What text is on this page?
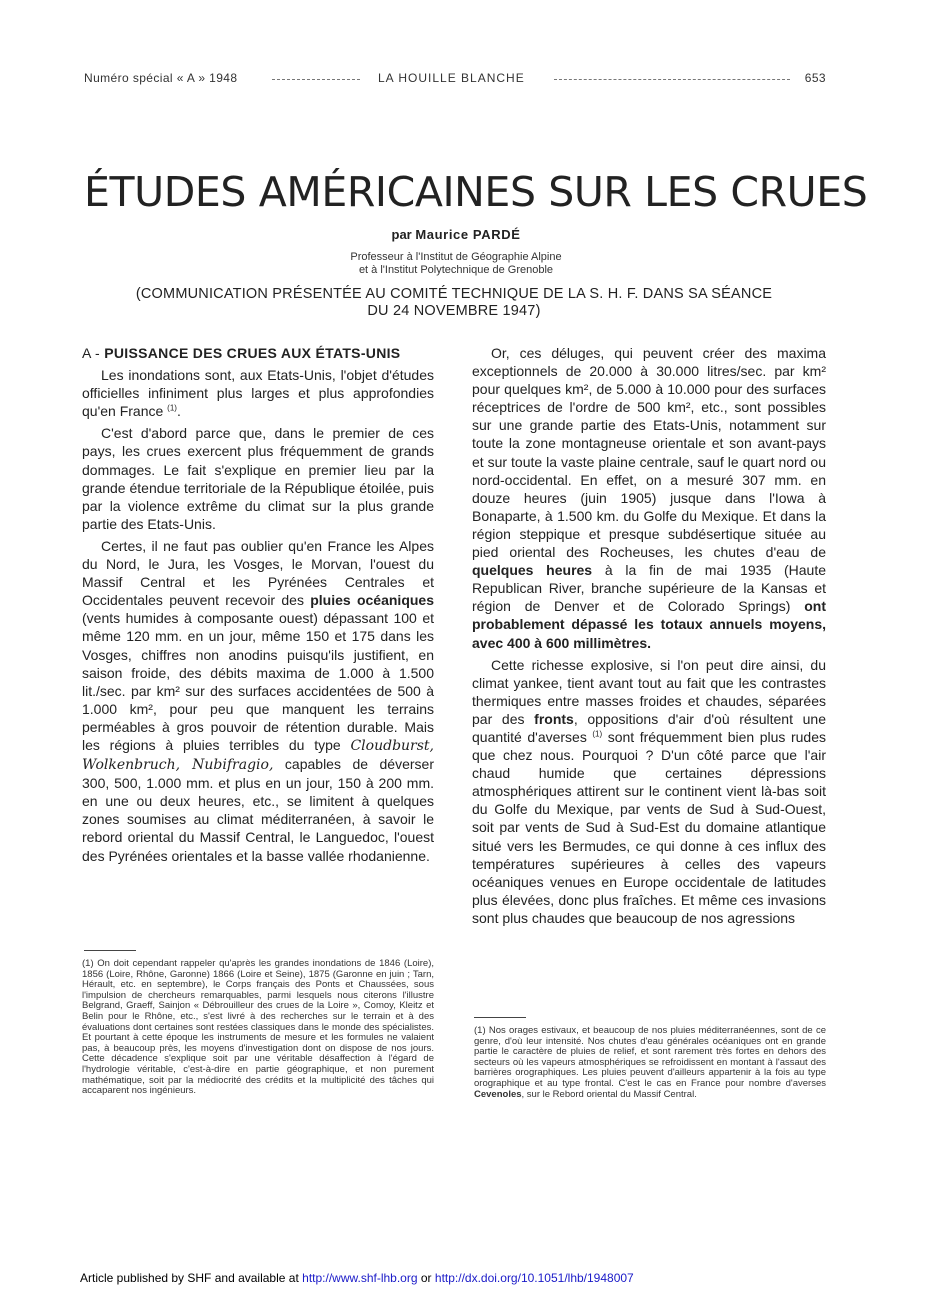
Numéro spécial « A » 1948	LA HOUILLE BLANCHE	653
ÉTUDES AMÉRICAINES SUR LES CRUES
par Maurice PARDÉ
Professeur à l'Institut de Géographie Alpine
et à l'Institut Polytechnique de Grenoble
(COMMUNICATION PRÉSENTÉE AU COMITÉ TECHNIQUE DE LA S. H. F. DANS SA SÉANCE
DU 24 NOVEMBRE 1947)
A - PUISSANCE DES CRUES AUX ÉTATS-UNIS

Les inondations sont, aux Etats-Unis, l'objet d'études officielles infiniment plus larges et plus approfondies qu'en France $^{(1)}$.

C'est d'abord parce que, dans le premier de ces pays, les crues exercent plus fréquemment de grands dommages. Le fait s'explique en premier lieu par la grande étendue territoriale de la République étoilée, puis par la violence extrême du climat sur la plus grande partie des Etats-Unis.

Certes, il ne faut pas oublier qu'en France les Alpes du Nord, le Jura, les Vosges, le Morvan, l'ouest du Massif Central et les Pyrénées Centrales et Occidentales peuvent recevoir des pluies océaniques (vents humides à composante ouest) dépassant 100 et même 120 mm. en un jour, même 150 et 175 dans les Vosges, chiffres non anodins puisqu'ils justifient, en saison froide, des débits maxima de 1.000 à 1.500 lit./sec. par km² sur des surfaces accidentées de 500 à 1.000 km², pour peu que manquent les terrains perméables à gros pouvoir de rétention durable. Mais les régions à pluies terribles du type Cloudburst, Wolkenbruch, Nubifragio, capables de déverser 300, 500, 1.000 mm. et plus en un jour, 150 à 200 mm. en une ou deux heures, etc., se limitent à quelques zones soumises au climat méditerranéen, à savoir le rebord oriental du Massif Central, le Languedoc, l'ouest des Pyrénées orientales et la basse vallée rhodanienne.

Or, ces déluges, qui peuvent créer des maxima exceptionnels de 20.000 à 30.000 litres/sec. par km² pour quelques km², de 5.000 à 10.000 pour des surfaces réceptrices de l'ordre de 500 km², etc., sont possibles sur une grande partie des Etats-Unis, notamment sur toute la zone montagneuse orientale et son avant-pays et sur toute la vaste plaine centrale, sauf le quart nord ou nord-occidental. En effet, on a mesuré 307 mm. en douze heures (juin 1905) jusque dans l'Iowa à Bonaparte, à 1.500 km. du Golfe du Mexique. Et dans la région steppique et presque subdésertique située au pied oriental des Rocheuses, les chutes d'eau de quelques heures à la fin de mai 1935 (Haute Republican River, branche supérieure de la Kansas et région de Denver et de Colorado Springs) ont probablement dépassé les totaux annuels moyens, avec 400 à 600 millimètres.

Cette richesse explosive, si l'on peut dire ainsi, du climat yankee, tient avant tout au fait que les contrastes thermiques entre masses froides et chaudes, séparées par des fronts, oppositions d'air d'où résultent une quantité d'averses $^{(1)}$ sont fréquemment bien plus rudes que chez nous. Pourquoi ? D'un côté parce que l'air chaud humide que certaines dépressions atmosphériques attirent sur le continent vient là-bas soit du Golfe du Mexique, par vents de Sud à Sud-Ouest, soit par vents de Sud à Sud-Est du domaine atlantique situé vers les Bermudes, ce qui donne à ces influx des températures supérieures à celles des vapeurs océaniques venues en Europe occidentale de latitudes plus élevées, donc plus fraîches. Et même ces invasions sont plus chaudes que beaucoup de nos agressions

(1) On doit cependant rappeler qu'après les grandes inondations de 1846 (Loire), 1856 (Loire, Rhône, Garonne) 1866 (Loire et Seine), 1875 (Garonne en juin ; Tarn, Hérault, etc. en septembre), le Corps français des Ponts et Chaussées, sous l'impulsion de chercheurs remarquables, parmi lesquels nous citerons l'illustre Belgrand, Graeff, Sainjon « Débrouilleur des crues de la Loire », Comoy, Kleitz et Belin pour le Rhône, etc., s'est livré à des recherches sur le terrain et à des évaluations dont certaines sont restées classiques dans le monde des spécialistes. Et pourtant à cette époque les instruments de mesure et les formules ne valaient pas, à beaucoup près, les moyens d'investigation dont on dispose de nos jours. Cette décadence s'explique soit par une véritable désaffection à l'égard de l'hydrologie véritable, c'est-à-dire en partie géographique, et non purement mathématique, soit par la médiocrité des crédits et la multiplicité des tâches qui accaparent nos ingénieurs.
(1) Nos orages estivaux, et beaucoup de nos pluies méditerranéennes, sont de ce genre, d'où leur intensité. Nos chutes d'eau générales océaniques ont en grande partie le caractère de pluies de relief, et sont rarement très fortes en dehors des secteurs où les vapeurs atmosphériques se refroidissent en montant à l'assaut des barrières orographiques. Les pluies peuvent d'ailleurs appartenir à la fois au type orographique et au type frontal. C'est le cas en France pour nombre d'averses Cevenoles, sur le Rebord oriental du Massif Central.
Article published by SHF and available at http://www.shf-lhb.org or http://dx.doi.org/10.1051/lhb/1948007
